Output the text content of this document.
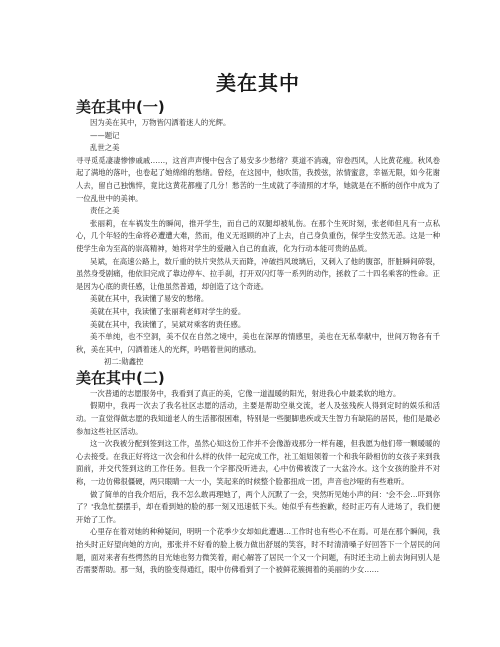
美在其中
美在其中(一)

因为美在其中，万物皆闪洒着迷人的光辉。

——题记

乱世之美

寻寻觅觅凄凄惨惨戚戚……，这首声声慢中包含了易安多少愁绪？莫道不消魂，帘卷西风，人比黄花瘦。秋风卷起了满地的落叶，也卷起了她绵绵的愁绪。曾经，在这园中，他吹笛，我拨弦，浓情蜜意，幸福无限，如今花谢人去，留自己独憔悴，竟比这黄花都瘦了几分！愁苦的一生成就了李清照的才华，她就是在不断的创作中成为了一位乱世中的美神。

责任之美

张丽莉，在车祸发生的瞬间，推开学生，而自己的双腿却被轧伤。在那个生死时刻，张老师但凡有一点私心，几个年轻的生命将必遭遭大难，然而，他义无返顾的冲了上去，自己身负重伤，保学生安然无恙。这是一种使学生命为至高的崇高精神，她将对学生的爱融入自己的血液，化为行动本能可贵的品质。

吴斌，在高速公路上，数斤重的铁片突然从天而降，冲破挡风玻璃后，又刺入了他的腹部，肝脏瞬间碎裂，虽然身受剧痛，他依旧完成了靠边停车、拉手刹，打开双闪灯等一系列的动作，拯救了二十四名乘客的性命。正是因为心底的责任感，让他虽然普通，却创造了这个奇迹。

美就在其中，我读懂了易安的愁绪。

美就在其中，我读懂了张丽莉老师对学生的爱。

美就在其中，我读懂了，吴斌对乘客的责任感。

美不单纯，也不空洞，美不仅在自然之境中，美也在深厚的情感里，美也在无私奉献中，世间万物各有千秋，美在其中，闪洒着迷人的光辉，吟唱着世间的感动。

初二:勋鑫控

美在其中(二)

一次普通的志愿服务中，我看到了真正的美，它像一道温暖的阳光，射进我心中最柔软的地方。

假期中，我再一次去了我名社区志愿的活动，主要是帮助空巢交流，老人及弦残疾人得到定时的娱乐和活动。一直觉得做志愿的我知道老人的生活都很困难，特别是一些腿脚患疾或天生智力有缺陷的居民，他们是最必参加这些社区活动。

这一次我被分配到签到这工作，虽然心知这份工作并不会像游戏那分一样有趣，但我愿为他们带一颗暖暖的心去接受。在我正好将这一次会和什么样的伙伴一起完成工作，社工姐姐领着一个和我年龄相仿的女孩子来到我面前，并交代签到这的工作任务。但我一个字都没听进去，心中仿佛被泼了一大盆冷水。这个女孩的脸并不对称，一边仿佛很僵硬，两只眼睛一大一小，笑起来的时候整个脸都扭成一团，声音也沙哑的有些难听。

做了简单的自我介绍后，我不怎么敢再理她了，两个人沉默了一会，突然听见她小声的问：'会不会…吓到你了？'我急忙摆摆手，却在看到她的脸的那一刻又迅速低下头。她似乎有些抱歉，经时正巧有人进场了，我们便开始了工作。

心里存在着对她的种种疑问，明明一个花季少女却如此遭遇…工作时也有些心不在焉。可是在那个瞬间，我抬头时正好望向她的方向，那张并不好看的脸上极力做出舒展的笑容，时不时清清嗓子好回答下一个居民的问题，面对来者有些愕然的目光她也努力微笑着，耐心解答了居民一个又一个问题，有时还主动上前去询问别人是否需要帮助。那一刻，我的脸变得通红，眼中仿佛看到了一个被鲜花簇拥着的美丽的少女……
